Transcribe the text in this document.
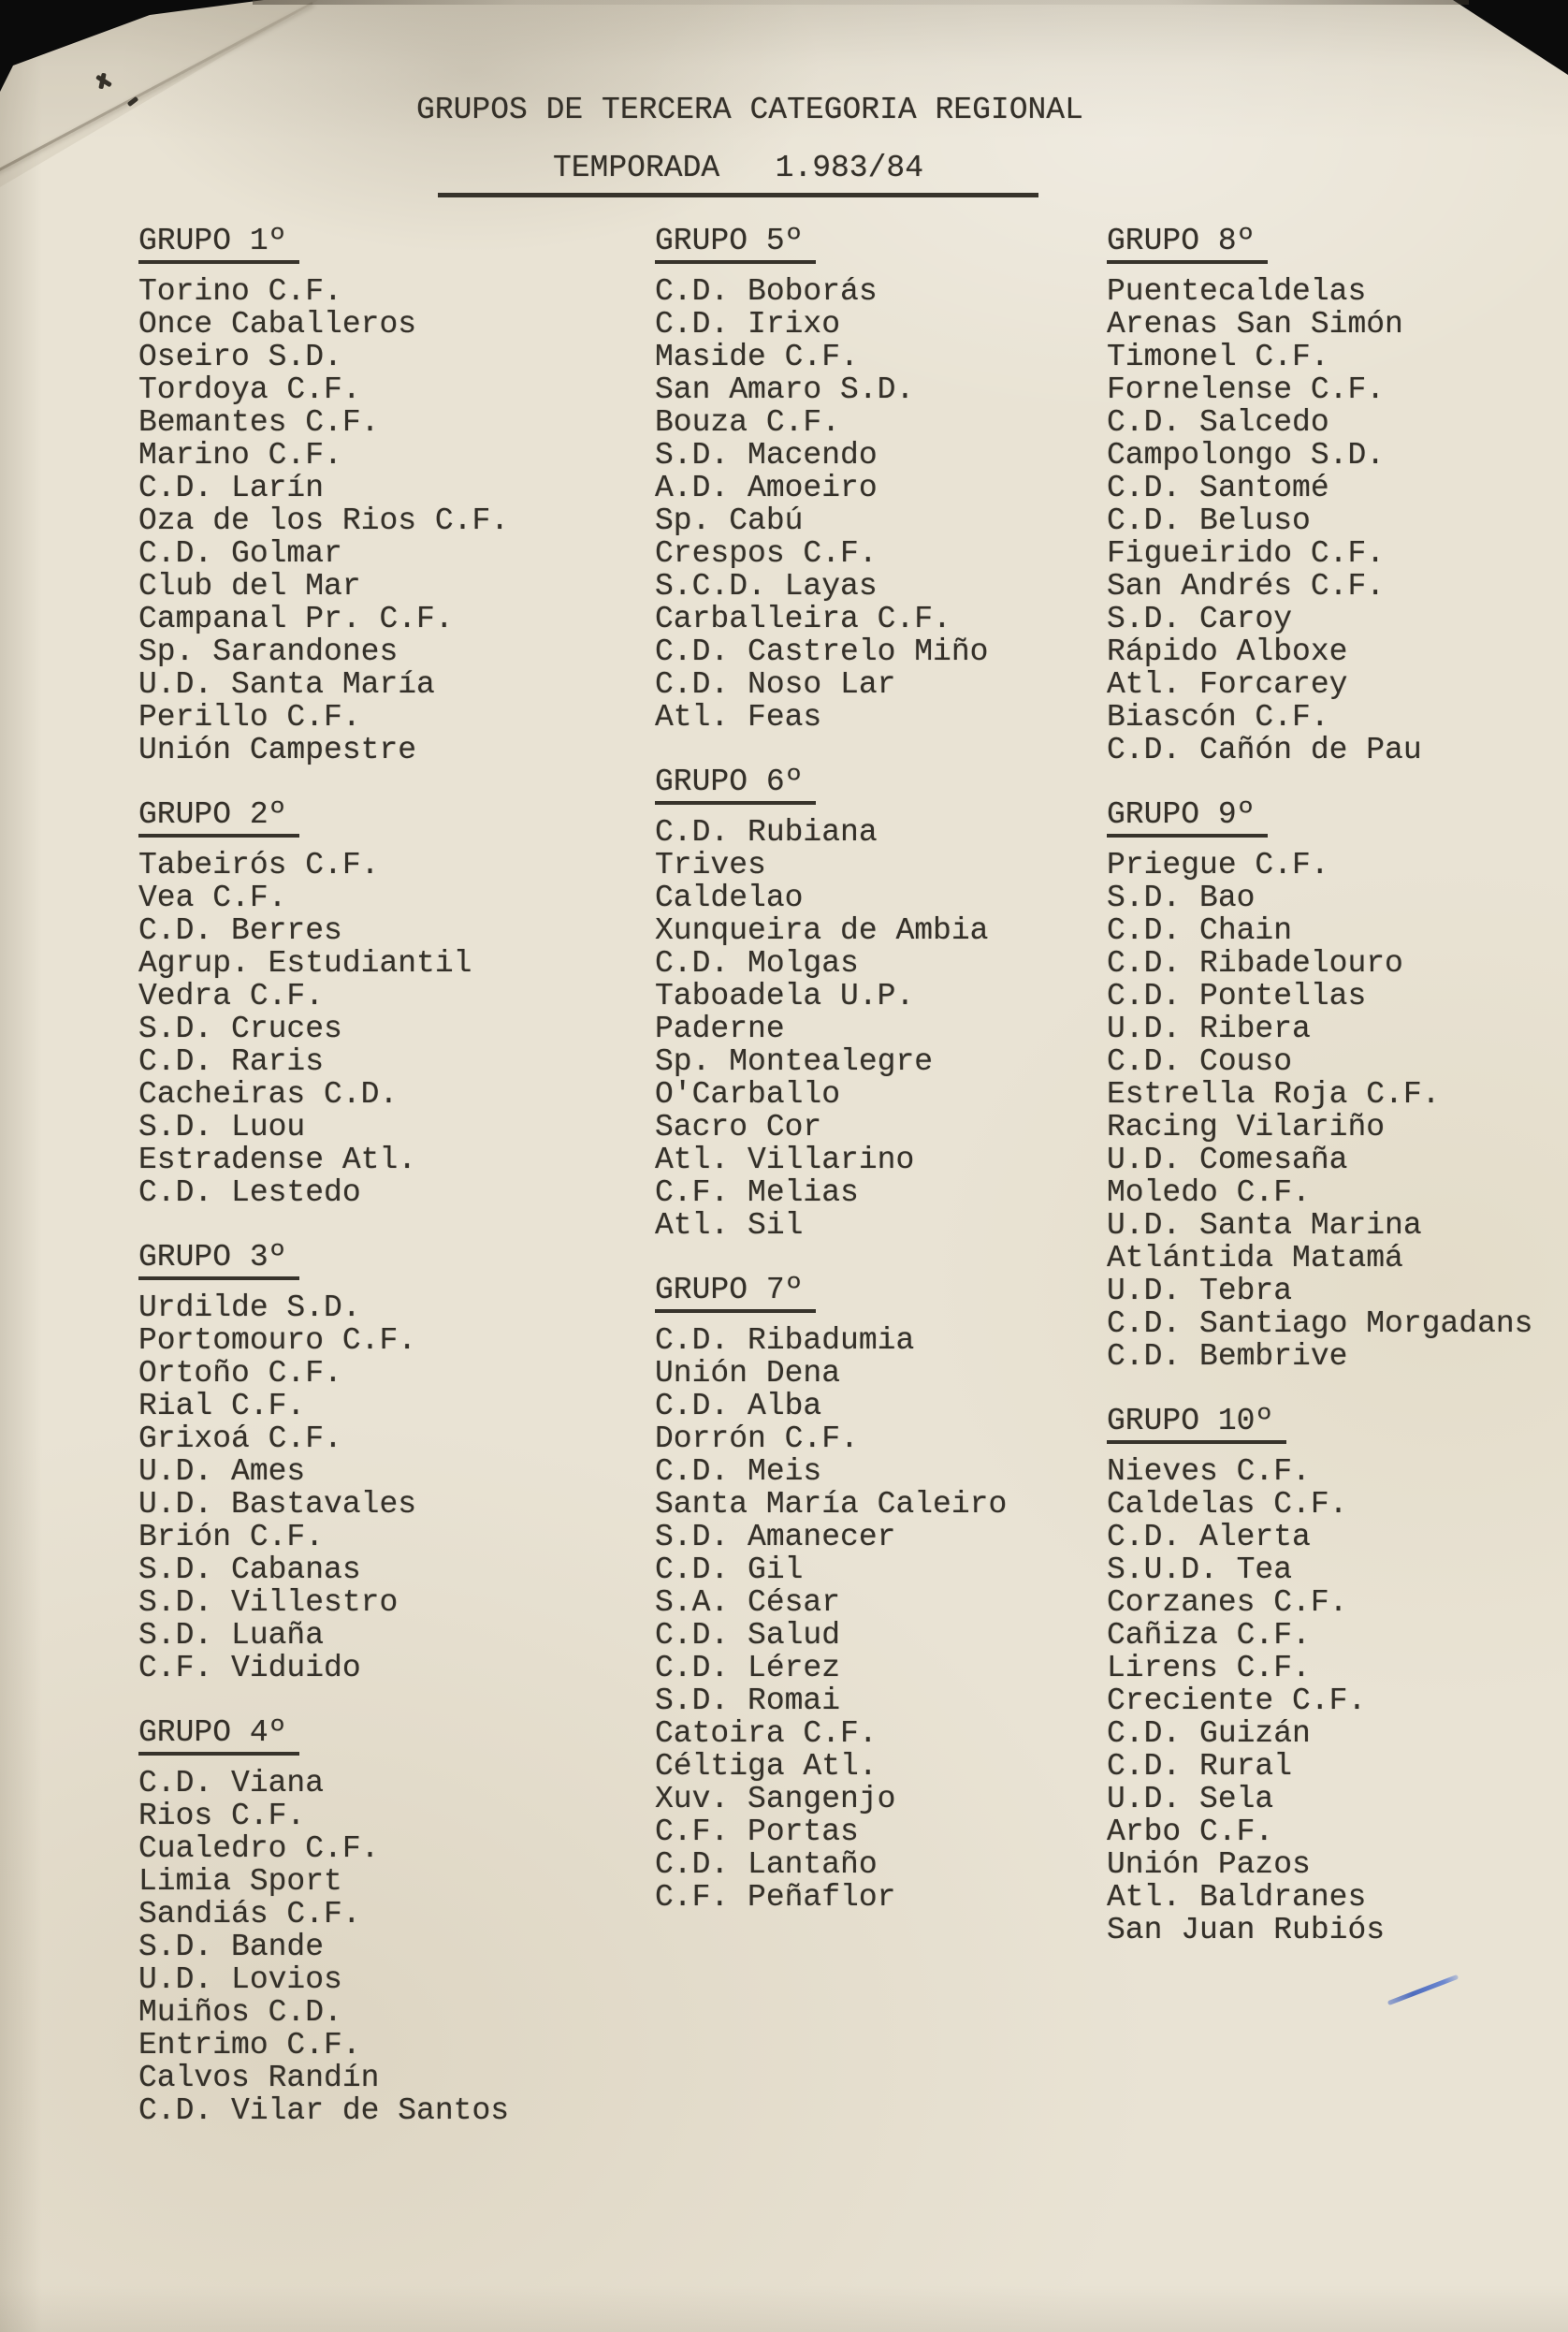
GRUPOS DE TERCERA CATEGORIA REGIONAL
TEMPORADA   1.983/84
GRUPO 1º
Torino C.F.
Once Caballeros
Oseiro S.D.
Tordoya C.F.
Bemantes C.F.
Marino C.F.
C.D. Larín
Oza de los Rios C.F.
C.D. Golmar
Club del Mar
Campanal Pr. C.F.
Sp. Sarandones
U.D. Santa María
Perillo C.F.
Unión Campestre
GRUPO 2º
Tabeirós C.F.
Vea C.F.
C.D. Berres
Agrup. Estudiantil
Vedra C.F.
S.D. Cruces
C.D. Raris
Cacheiras C.D.
S.D. Luou
Estradense Atl.
C.D. Lestedo
GRUPO 3º
Urdilde S.D.
Portomouro C.F.
Ortoño C.F.
Rial C.F.
Grixoá C.F.
U.D. Ames
U.D. Bastavales
Brión C.F.
S.D. Cabanas
S.D. Villestro
S.D. Luaña
C.F. Viduido
GRUPO 4º
C.D. Viana
Rios C.F.
Cualedro C.F.
Limia Sport
Sandiás C.F.
S.D. Bande
U.D. Lovios
Muiños C.D.
Entrimo C.F.
Calvos Randín
C.D. Vilar de Santos
GRUPO 5º
C.D. Boborás
C.D. Irixo
Maside C.F.
San Amaro S.D.
Bouza C.F.
S.D. Macendo
A.D. Amoeiro
Sp. Cabú
Crespos C.F.
S.C.D. Layas
Carballeira C.F.
C.D. Castrelo Miño
C.D. Noso Lar
Atl. Feas
GRUPO 6º
C.D. Rubiana
Trives
Caldelao
Xunqueira de Ambia
C.D. Molgas
Taboadela U.P.
Paderne
Sp. Montealegre
O'Carballo
Sacro Cor
Atl. Villarino
C.F. Melias
Atl. Sil
GRUPO 7º
C.D. Ribadumia
Unión Dena
C.D. Alba
Dorrón C.F.
C.D. Meis
Santa María Caleiro
S.D. Amanecer
C.D. Gil
S.A. César
C.D. Salud
C.D. Lérez
S.D. Romai
Catoira C.F.
Céltiga Atl.
Xuv. Sangenjo
C.F. Portas
C.D. Lantaño
C.F. Peñaflor
GRUPO 8º
Puentecaldelas
Arenas San Simón
Timonel C.F.
Fornelense C.F.
C.D. Salcedo
Campolongo S.D.
C.D. Santomé
C.D. Beluso
Figueirido C.F.
San Andrés C.F.
S.D. Caroy
Rápido Alboxe
Atl. Forcarey
Biascón C.F.
C.D. Cañón de Pau
GRUPO 9º
Priegue C.F.
S.D. Bao
C.D. Chain
C.D. Ribadelouro
C.D. Pontellas
U.D. Ribera
C.D. Couso
Estrella Roja C.F.
Racing Vilariño
U.D. Comesaña
Moledo C.F.
U.D. Santa Marina
Atlántida Matamá
U.D. Tebra
C.D. Santiago Morgadans
C.D. Bembrive
GRUPO 10º
Nieves C.F.
Caldelas C.F.
C.D. Alerta
S.U.D. Tea
Corzanes C.F.
Cañiza C.F.
Lirens C.F.
Creciente C.F.
C.D. Guizán
C.D. Rural
U.D. Sela
Arbo C.F.
Unión Pazos
Atl. Baldranes
San Juan Rubiós
